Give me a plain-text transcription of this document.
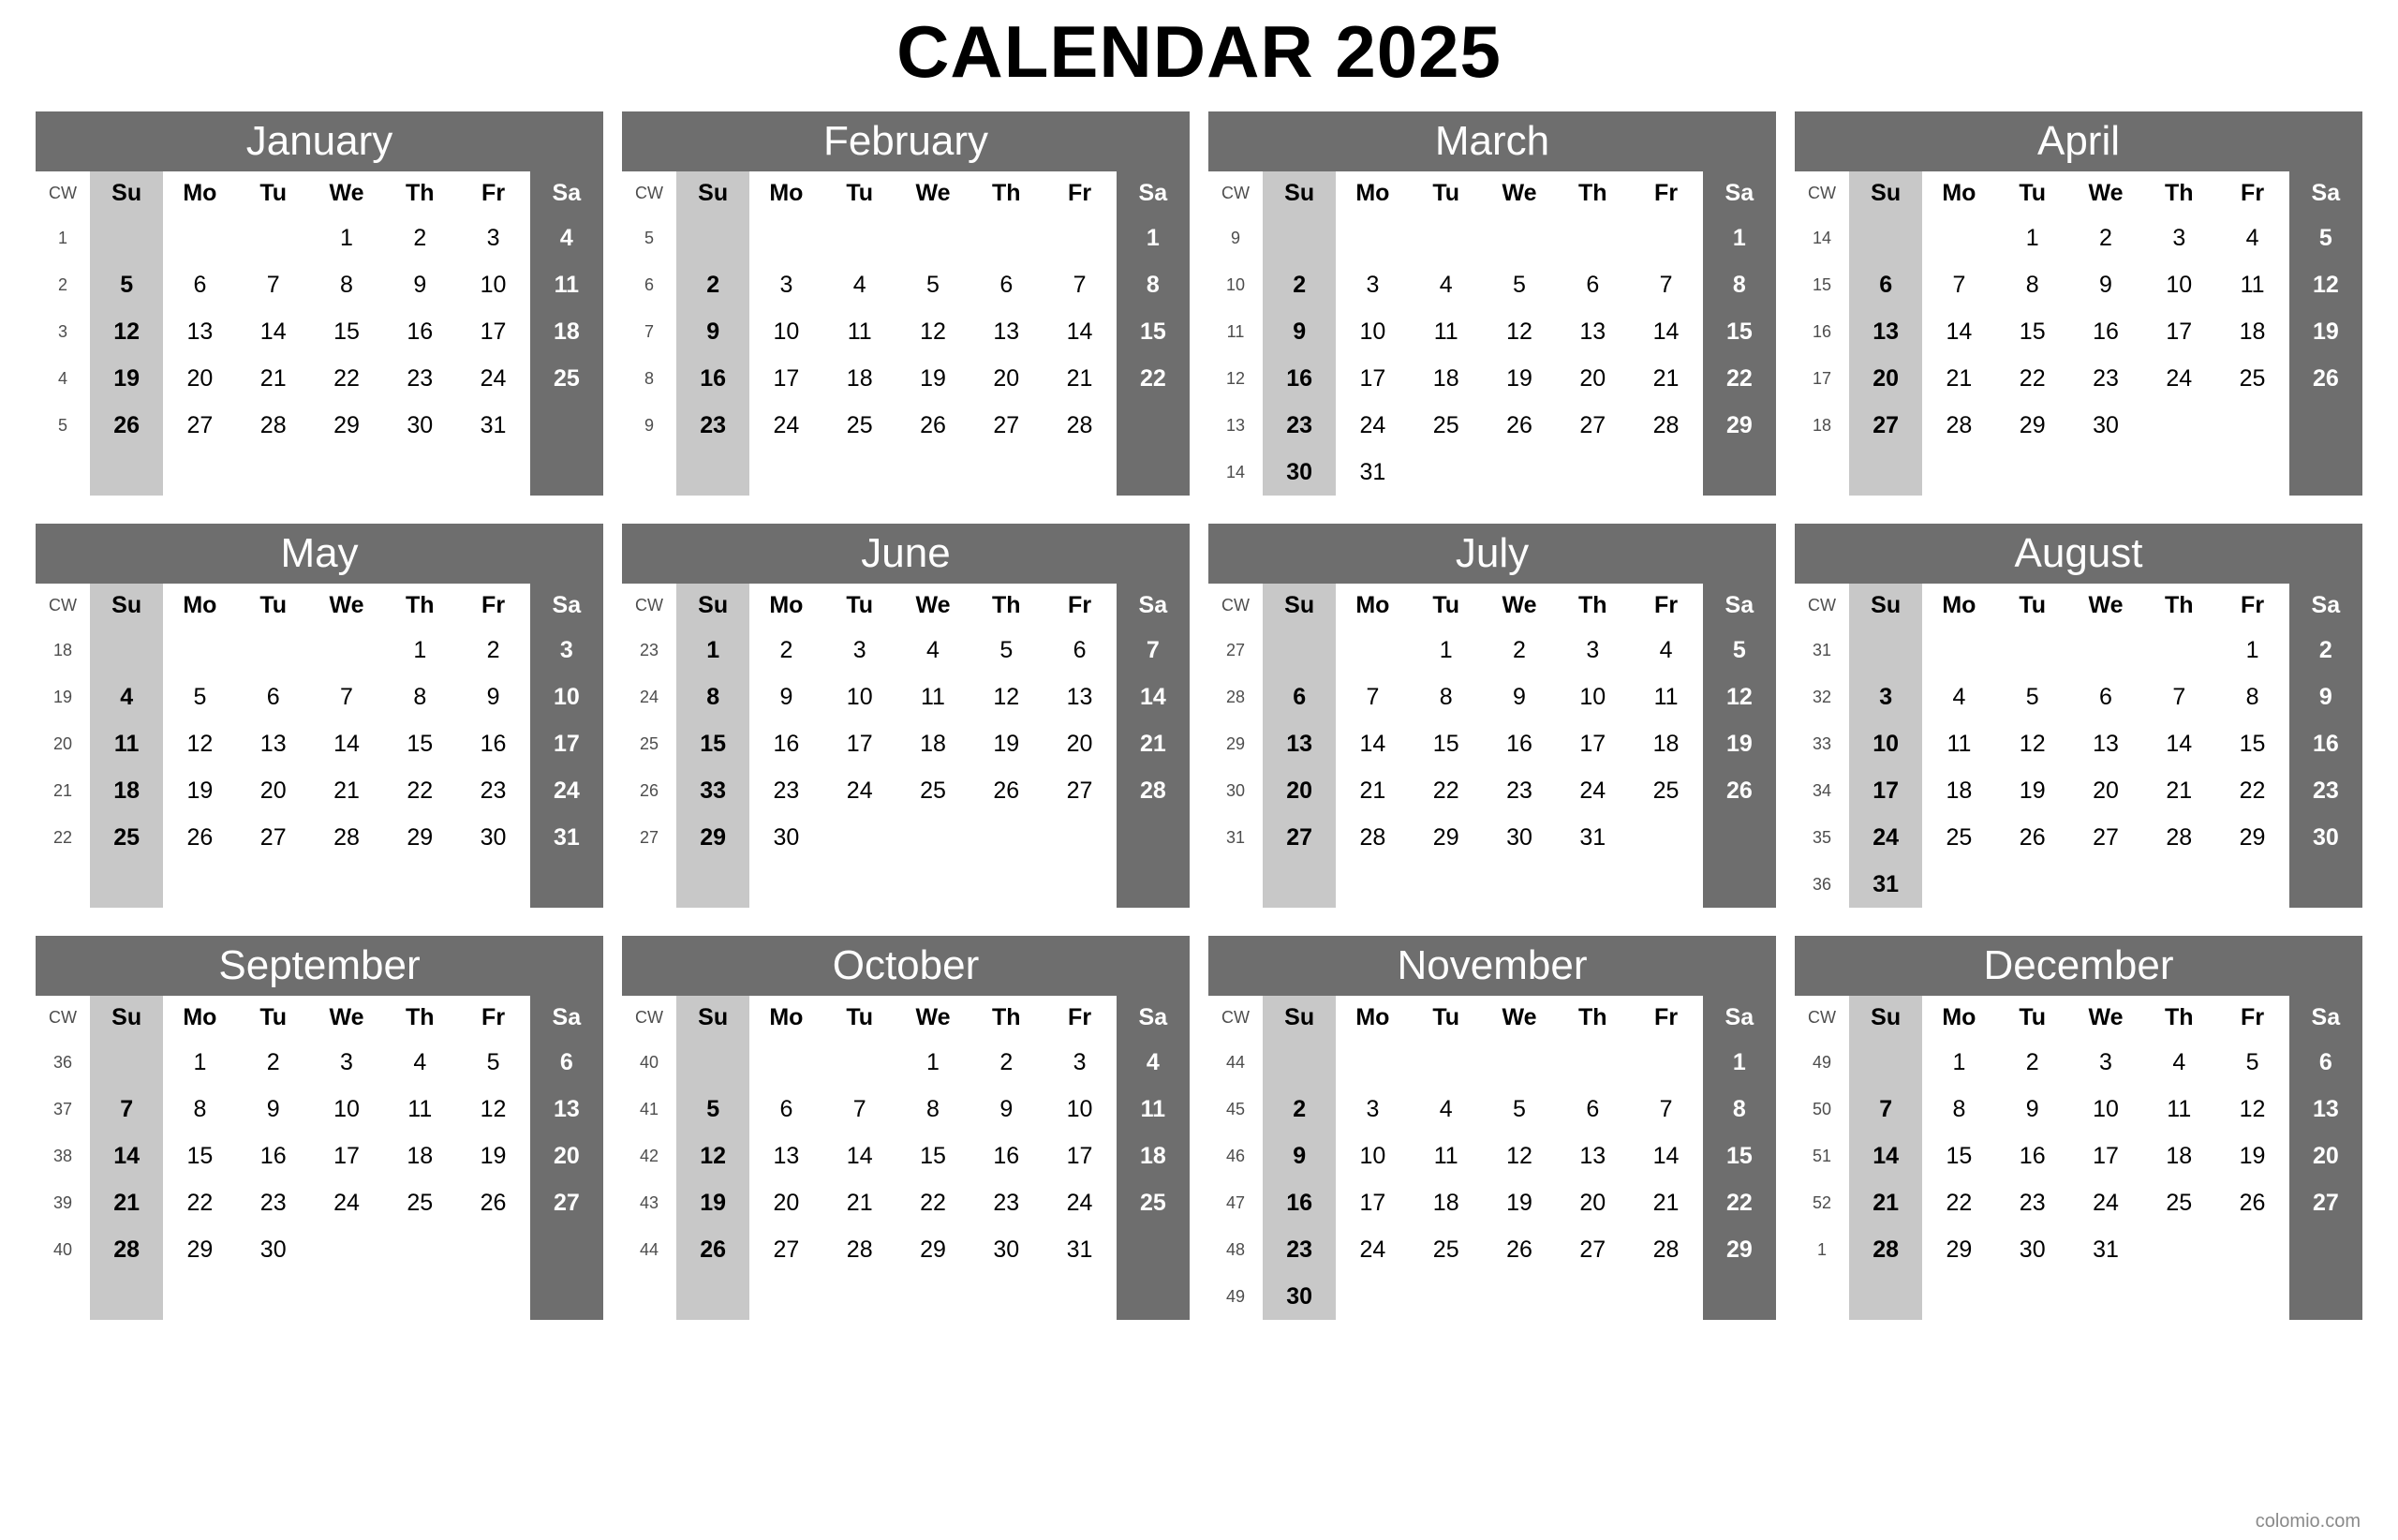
CALENDAR 2025
January
CW	Su	Mo	Tu	We	Th	Fr	Sa
1				1	2	3	4
2	5	6	7	8	9	10	11
3	12	13	14	15	16	17	18
4	19	20	21	22	23	24	25
5	26	27	28	29	30	31	

February
CW	Su	Mo	Tu	We	Th	Fr	Sa
5							1
6	2	3	4	5	6	7	8
7	9	10	11	12	13	14	15
8	16	17	18	19	20	21	22
9	23	24	25	26	27	28	

March
CW	Su	Mo	Tu	We	Th	Fr	Sa
9							1
10	2	3	4	5	6	7	8
11	9	10	11	12	13	14	15
12	16	17	18	19	20	21	22
13	23	24	25	26	27	28	29
14	30	31					
April
CW	Su	Mo	Tu	We	Th	Fr	Sa
14			1	2	3	4	5
15	6	7	8	9	10	11	12
16	13	14	15	16	17	18	19
17	20	21	22	23	24	25	26
18	27	28	29	30			

May
CW	Su	Mo	Tu	We	Th	Fr	Sa
18					1	2	3
19	4	5	6	7	8	9	10
20	11	12	13	14	15	16	17
21	18	19	20	21	22	23	24
22	25	26	27	28	29	30	31

June
CW	Su	Mo	Tu	We	Th	Fr	Sa
23	1	2	3	4	5	6	7
24	8	9	10	11	12	13	14
25	15	16	17	18	19	20	21
26	33	23	24	25	26	27	28
27	29	30					

July
CW	Su	Mo	Tu	We	Th	Fr	Sa
27			1	2	3	4	5
28	6	7	8	9	10	11	12
29	13	14	15	16	17	18	19
30	20	21	22	23	24	25	26
31	27	28	29	30	31		

August
CW	Su	Mo	Tu	We	Th	Fr	Sa
31						1	2
32	3	4	5	6	7	8	9
33	10	11	12	13	14	15	16
34	17	18	19	20	21	22	23
35	24	25	26	27	28	29	30
36	31						
September
CW	Su	Mo	Tu	We	Th	Fr	Sa
36		1	2	3	4	5	6
37	7	8	9	10	11	12	13
38	14	15	16	17	18	19	20
39	21	22	23	24	25	26	27
40	28	29	30				

October
CW	Su	Mo	Tu	We	Th	Fr	Sa
40				1	2	3	4
41	5	6	7	8	9	10	11
42	12	13	14	15	16	17	18
43	19	20	21	22	23	24	25
44	26	27	28	29	30	31	

November
CW	Su	Mo	Tu	We	Th	Fr	Sa
44							1
45	2	3	4	5	6	7	8
46	9	10	11	12	13	14	15
47	16	17	18	19	20	21	22
48	23	24	25	26	27	28	29
49	30						
December
CW	Su	Mo	Tu	We	Th	Fr	Sa
49		1	2	3	4	5	6
50	7	8	9	10	11	12	13
51	14	15	16	17	18	19	20
52	21	22	23	24	25	26	27
1	28	29	30	31			

colomio.com
